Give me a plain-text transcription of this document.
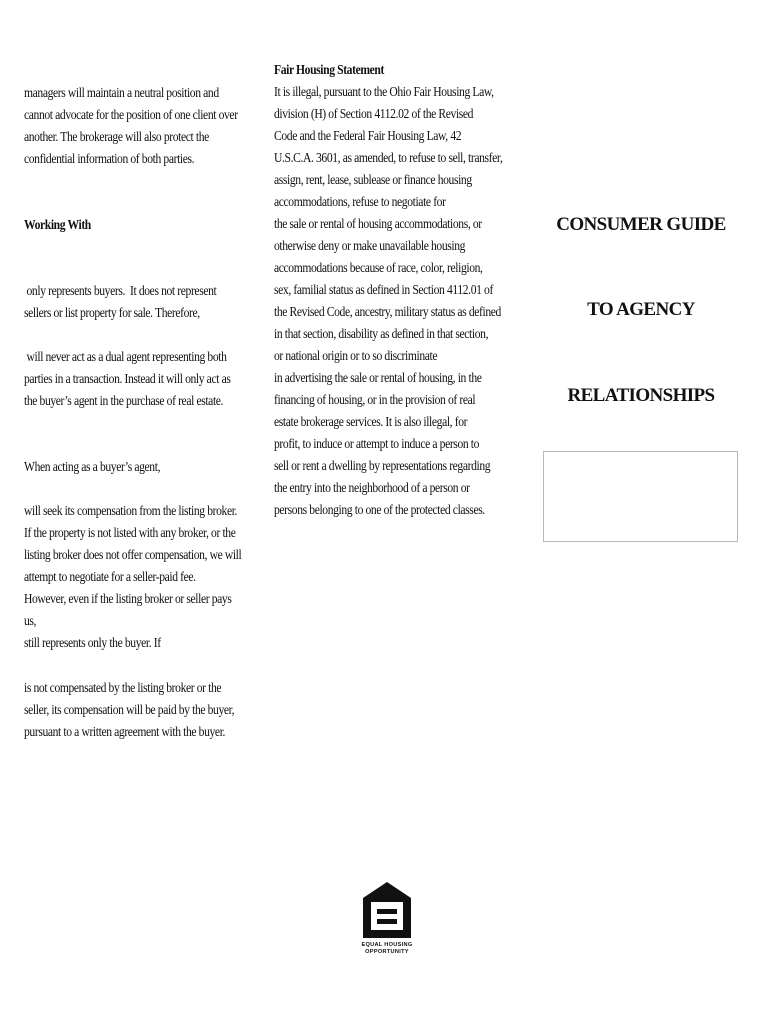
managers will maintain a neutral position and
cannot advocate for the position of one client over
another. The brokerage will also protect the
confidential information of both parties.
Working With
only represents buyers.  It does not represent
sellers or list property for sale. Therefore,
will never act as a dual agent representing both
parties in a transaction. Instead it will only act as
the buyer’s agent in the purchase of real estate.
When acting as a buyer’s agent,
will seek its compensation from the listing broker.
If the property is not listed with any broker, or the
listing broker does not offer compensation, we will
attempt to negotiate for a seller-paid fee.
However, even if the listing broker or seller pays
us,
still represents only the buyer. If
is not compensated by the listing broker or the
seller, its compensation will be paid by the buyer,
pursuant to a written agreement with the buyer.
Fair Housing Statement
It is illegal, pursuant to the Ohio Fair Housing Law,
division (H) of Section 4112.02 of the Revised
Code and the Federal Fair Housing Law, 42
U.S.C.A. 3601, as amended, to refuse to sell, transfer,
assign, rent, lease, sublease or finance housing
accommodations, refuse to negotiate for
the sale or rental of housing accommodations, or
otherwise deny or make unavailable housing
accommodations because of race, color, religion,
sex, familial status as defined in Section 4112.01 of
the Revised Code, ancestry, military status as defined
in that section, disability as defined in that section,
or national origin or to so discriminate
in advertising the sale or rental of housing, in the
financing of housing, or in the provision of real
estate brokerage services. It is also illegal, for
profit, to induce or attempt to induce a person to
sell or rent a dwelling by representations regarding
the entry into the neighborhood of a person or
persons belonging to one of the protected classes.
CONSUMER GUIDE
TO AGENCY
RELATIONSHIPS
EQUAL HOUSING
OPPORTUNITY
